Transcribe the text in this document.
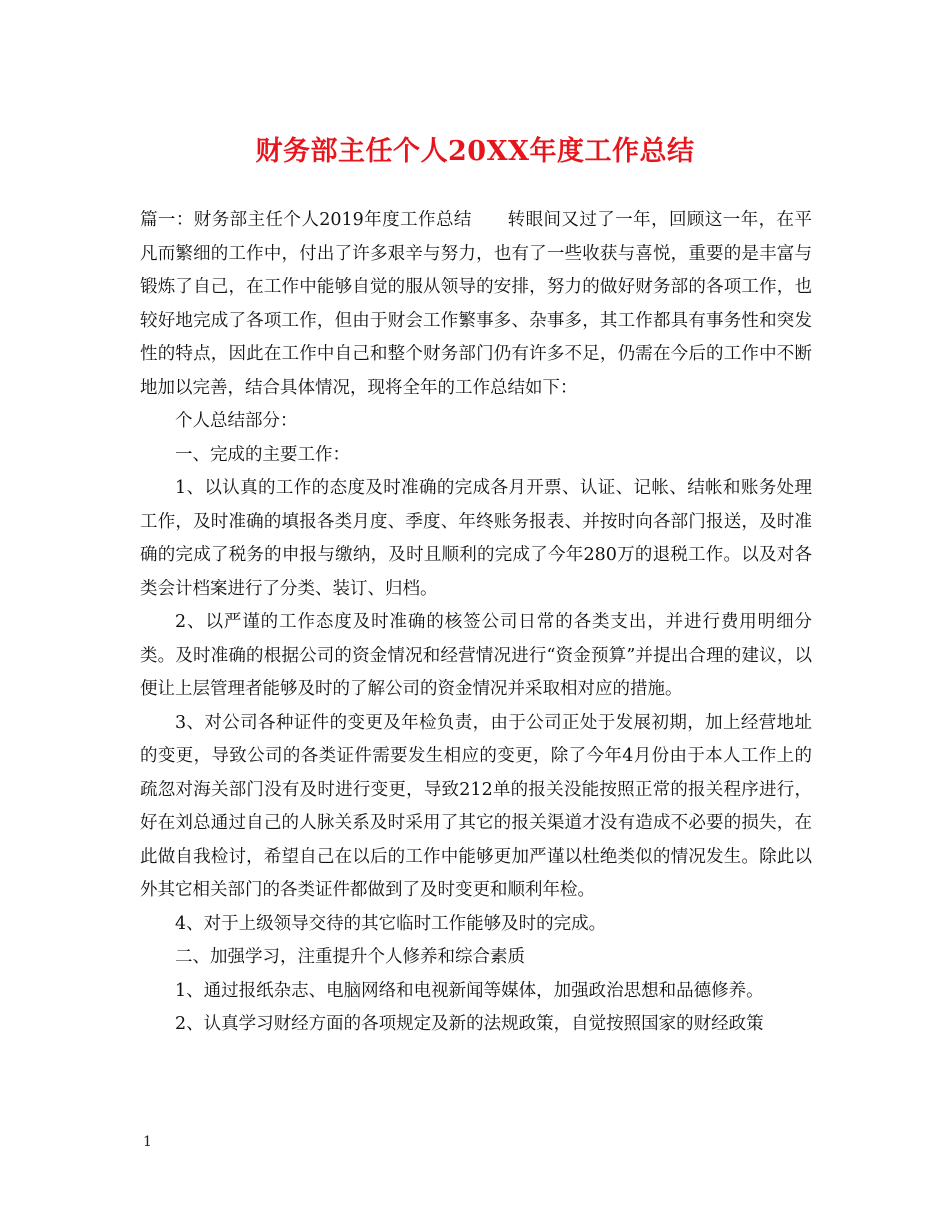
财务部主任个人20XX年度工作总结

篇一：财务部主任个人2019年度工作总结　　转眼间又过了一年，回顾这一年，在平凡而繁细的工作中，付出了许多艰辛与努力，也有了一些收获与喜悦，重要的是丰富与锻炼了自己，在工作中能够自觉的服从领导的安排，努力的做好财务部的各项工作，也较好地完成了各项工作，但由于财会工作繁事多、杂事多，其工作都具有事务性和突发性的特点，因此在工作中自己和整个财务部门仍有许多不足，仍需在今后的工作中不断地加以完善，结合具体情况，现将全年的工作总结如下：

个人总结部分：

一、完成的主要工作：

1、以认真的工作的态度及时准确的完成各月开票、认证、记帐、结帐和账务处理工作，及时准确的填报各类月度、季度、年终账务报表、并按时向各部门报送，及时准确的完成了税务的申报与缴纳，及时且顺利的完成了今年280万的退税工作。以及对各类会计档案进行了分类、装订、归档。

2、以严谨的工作态度及时准确的核签公司日常的各类支出，并进行费用明细分类。及时准确的根据公司的资金情况和经营情况进行“资金预算”并提出合理的建议，以便让上层管理者能够及时的了解公司的资金情况并采取相对应的措施。

3、对公司各种证件的变更及年检负责，由于公司正处于发展初期，加上经营地址的变更，导致公司的各类证件需要发生相应的变更，除了今年4月份由于本人工作上的疏忽对海关部门没有及时进行变更，导致212单的报关没能按照正常的报关程序进行，好在刘总通过自己的人脉关系及时采用了其它的报关渠道才没有造成不必要的损失，在此做自我检讨，希望自己在以后的工作中能够更加严谨以杜绝类似的情况发生。除此以外其它相关部门的各类证件都做到了及时变更和顺利年检。

4、对于上级领导交待的其它临时工作能够及时的完成。

二、加强学习，注重提升个人修养和综合素质

1、通过报纸杂志、电脑网络和电视新闻等媒体，加强政治思想和品德修养。

2、认真学习财经方面的各项规定及新的法规政策，自觉按照国家的财经政策

1
